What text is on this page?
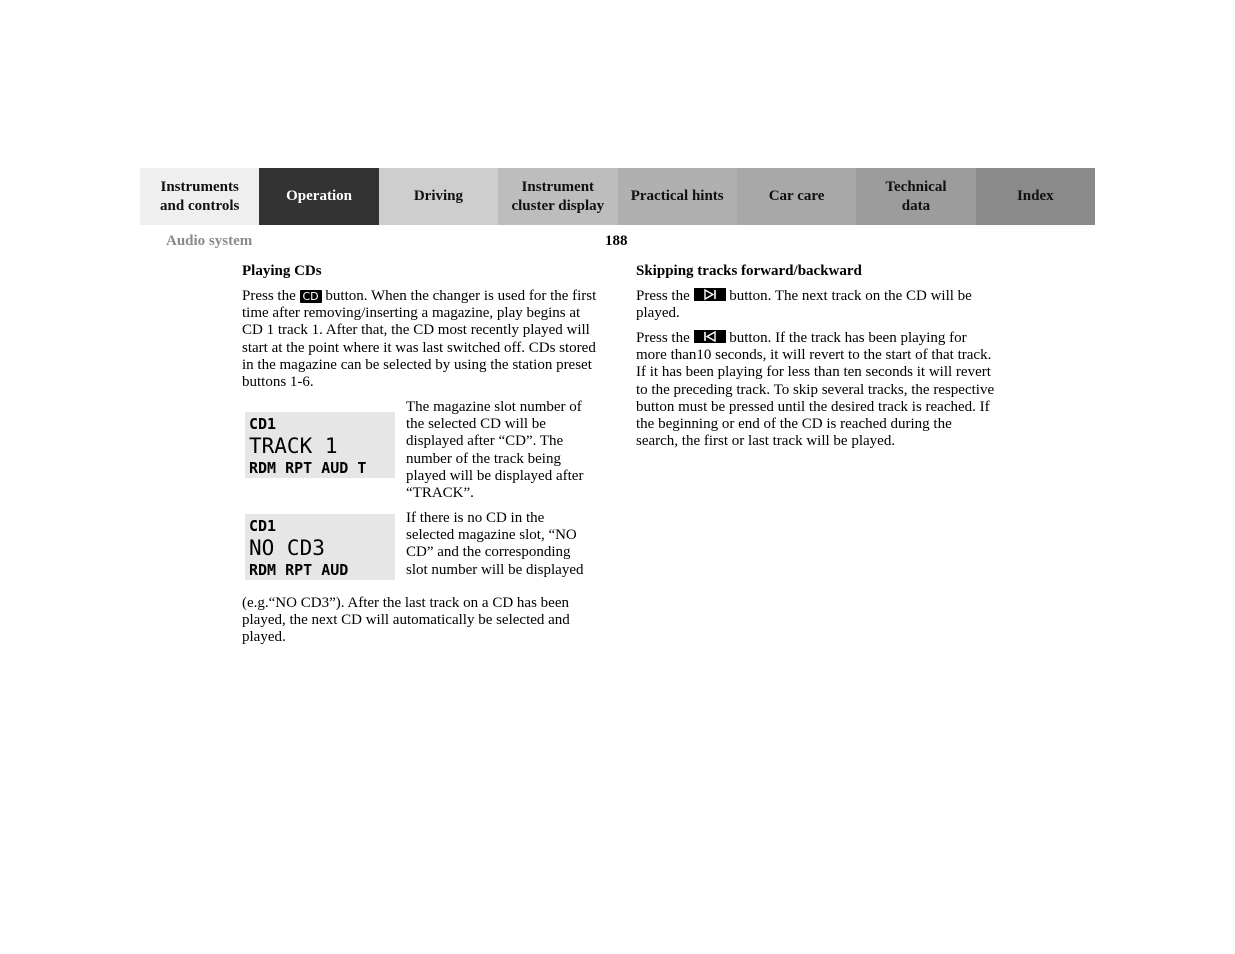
Instruments
and controls
Operation	Driving
Instrument
cluster display
Practical hints	Car care
Technical
data
Index
Audio system	188
Playing CDs

Press the CD button. When the changer is used for the first time after removing/inserting a magazine, play begins at CD 1 track 1. After that, the CD most recently played will start at the point where it was last switched off. CDs stored in the magazine can be selected by using the station preset buttons 1-6.

CD1
TRACK 1
RDM RPT AUD T

The magazine slot number of the selected CD will be displayed after “CD”. The number of the track being played will be displayed after “TRACK”.

CD1
NO CD3
RDM RPT AUD

If there is no CD in the selected magazine slot, “NO CD” and the corresponding slot number will be displayed

(e.g.“NO CD3”). After the last track on a CD has been played, the next CD will automatically be selected and played.

Skipping tracks forward/backward

Press the
button. The next track on the CD will be played.

Press the
button. If the track has been playing for more than10 seconds, it will revert to the start of that track. If it has been playing for less than ten seconds it will revert to the preceding track. To skip several tracks, the respective button must be pressed until the desired track is reached. If the beginning or end of the CD is reached during the search, the first or last track will be played.
